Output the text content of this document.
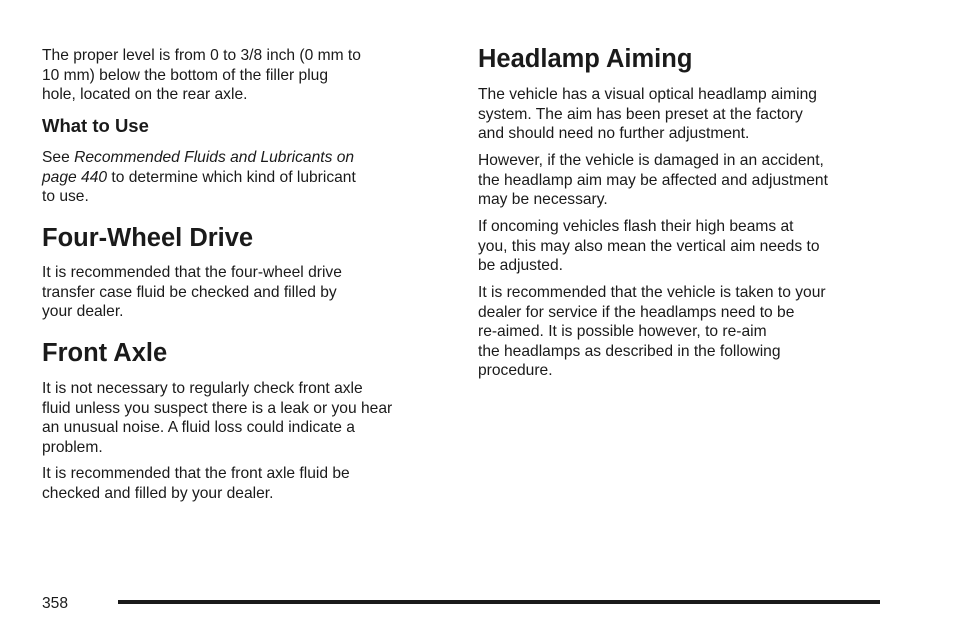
The proper level is from 0 to 3/8 inch (0 mm to
10 mm) below the bottom of the filler plug
hole, located on the rear axle.

What to Use

See Recommended Fluids and Lubricants on
page 440 to determine which kind of lubricant
to use.

Four-Wheel Drive

It is recommended that the four-wheel drive
transfer case fluid be checked and filled by
your dealer.

Front Axle

It is not necessary to regularly check front axle
fluid unless you suspect there is a leak or you hear
an unusual noise. A fluid loss could indicate a
problem.

It is recommended that the front axle fluid be
checked and filled by your dealer.

Headlamp Aiming

The vehicle has a visual optical headlamp aiming
system. The aim has been preset at the factory
and should need no further adjustment.

However, if the vehicle is damaged in an accident,
the headlamp aim may be affected and adjustment
may be necessary.

If oncoming vehicles flash their high beams at
you, this may also mean the vertical aim needs to
be adjusted.

It is recommended that the vehicle is taken to your
dealer for service if the headlamps need to be
re-aimed. It is possible however, to re-aim
the headlamps as described in the following
procedure.

358
